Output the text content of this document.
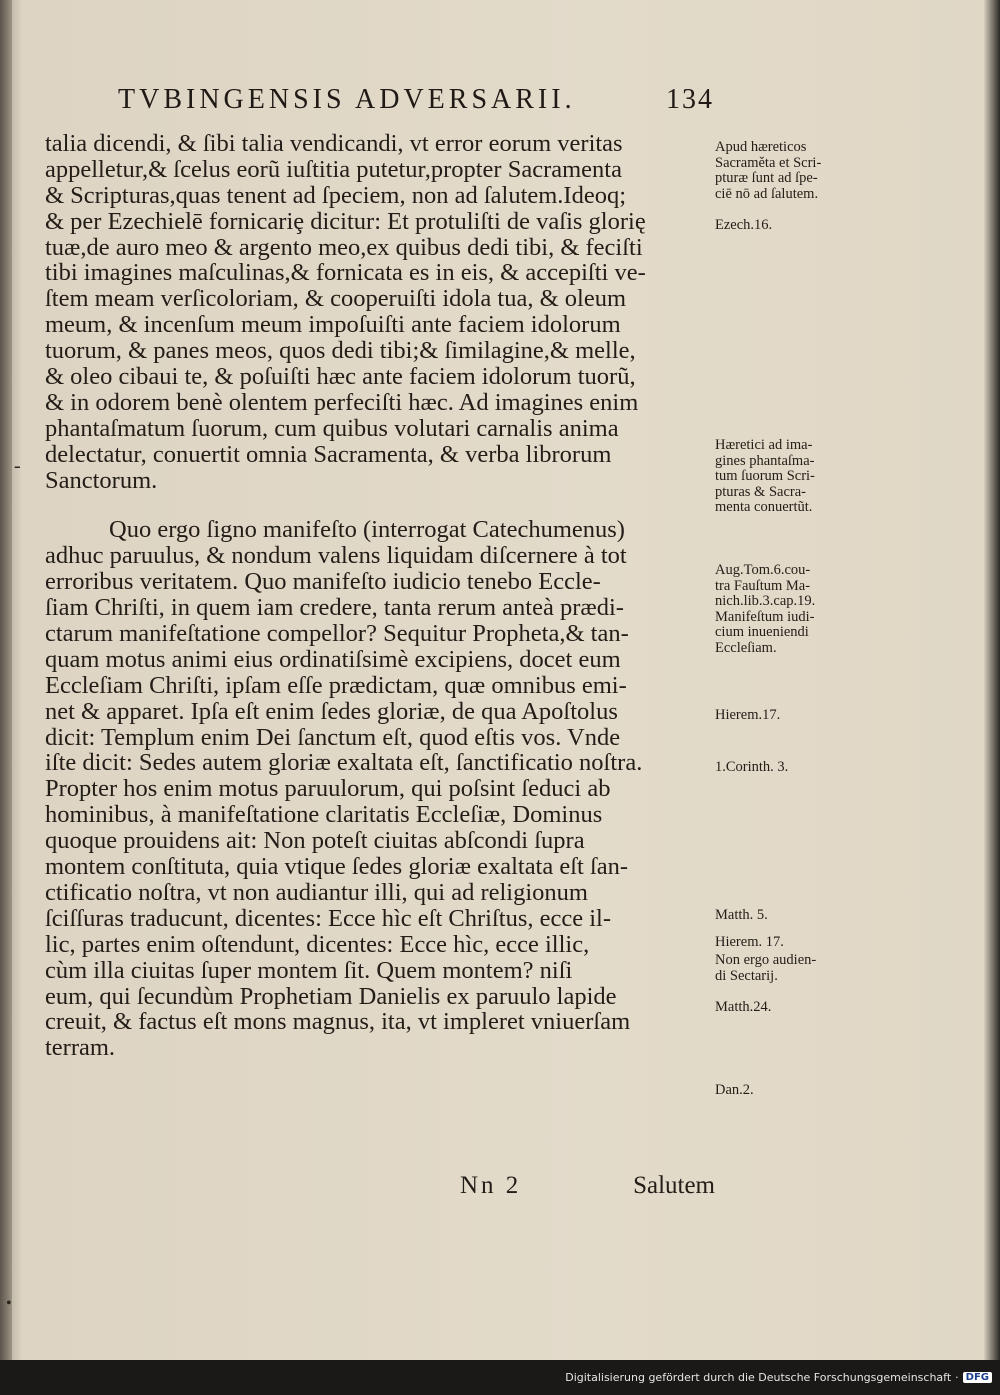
-
•
TVBINGENSIS ADVERSARII.	134
talia dicendi, & ſibi talia vendicandi, vt error eorum veritas
appelletur,& ſcelus eorũ iuſtitia putetur,propter Sacramenta
& Scripturas,quas tenent ad ſpeciem, non ad ſalutem.Ideoq;
& per Ezechielē fornicariȩ dicitur: Et protuliſti de vaſis glorię
tuæ,de auro meo & argento meo,ex quibus dedi tibi, & feciſti
tibi imagines maſculinas,& fornicata es in eis, & accepiſti ve-
ſtem meam verſicoloriam, & cooperuiſti idola tua, & oleum
meum, & incenſum meum impoſuiſti ante faciem idolorum
tuorum, & panes meos, quos dedi tibi;& ſimilagine,& melle,
& oleo cibaui te, & poſuiſti hæc ante faciem idolorum tuorũ,
& in odorem benè olentem perfeciſti hæc. Ad imagines enim
phantaſmatum ſuorum, cum quibus volutari carnalis anima
delectatur, conuertit omnia Sacramenta, & verba librorum
Sanctorum.
Quo ergo ſigno manifeſto (interrogat Catechumenus)
adhuc paruulus, & nondum valens liquidam diſcernere à tot
erroribus veritatem. Quo manifeſto iudicio tenebo Eccle-
ſiam Chriſti, in quem iam credere, tanta rerum anteà prædi-
ctarum manifeſtatione compellor? Sequitur Propheta,& tan-
quam motus animi eius ordinatiſsimè excipiens, docet eum
Eccleſiam Chriſti, ipſam eſſe prædictam, quæ omnibus emi-
net & apparet. Ipſa eſt enim ſedes gloriæ, de qua Apoſtolus
dicit: Templum enim Dei ſanctum eſt, quod eſtis vos. Vnde
iſte dicit: Sedes autem gloriæ exaltata eſt, ſanctificatio noſtra.
Propter hos enim motus paruulorum, qui poſsint ſeduci ab
hominibus, à manifeſtatione claritatis Eccleſiæ, Dominus
quoque prouidens ait: Non poteſt ciuitas abſcondi ſupra
montem conſtituta, quia vtique ſedes gloriæ exaltata eſt ſan-
ctificatio noſtra, vt non audiantur illi, qui ad religionum
ſciſſuras traducunt, dicentes: Ecce hìc eſt Chriſtus, ecce il-
lic, partes enim oſtendunt, dicentes: Ecce hìc, ecce illic,
cùm illa ciuitas ſuper montem ſit. Quem montem? niſi
eum, qui ſecundùm Prophetiam Danielis ex paruulo lapide
creuit, & factus eſt mons magnus, ita, vt impleret vniuerſam
terram.
Apud hæreticos
Sacraměta et Scri-
pturæ ſunt ad ſpe-
ciē nō ad ſalutem.
Ezech.16.
Hæretici ad ima-
gines phantaſma-
tum ſuorum Scri-
pturas & Sacra-
menta conuertũt.
Aug.Tom.6.cou-
tra Fauſtum Ma-
nich.lib.3.cap.19.
Manifeſtum iudi-
cium inueniendi
Eccleſiam.
Hierem.17.
1.Corinth. 3.
Matth. 5.
Hierem. 17.
Non ergo audien-
di Sectarij.
Matth.24.
Dan.2.
Nn 2	Salutem
Digitalisierung gefördert durch die Deutsche Forschungsgemeinschaft · DFG
